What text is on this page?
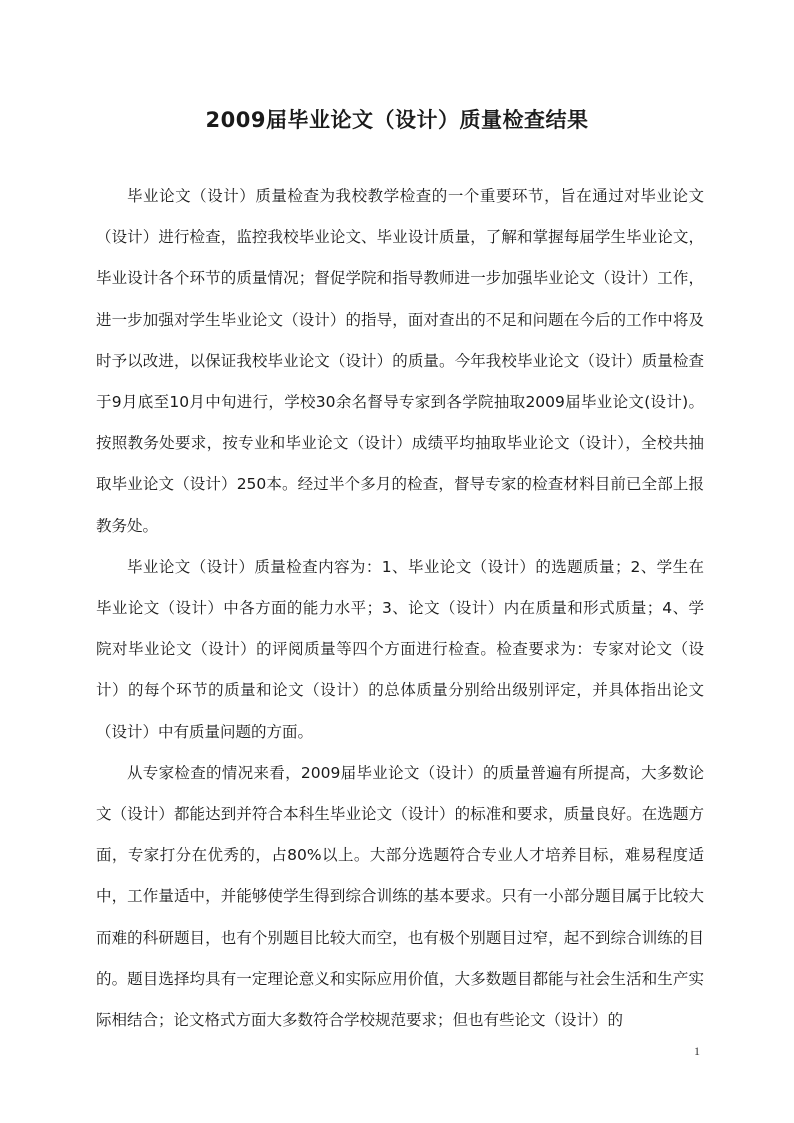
2009届毕业论文（设计）质量检查结果

毕业论文（设计）质量检查为我校教学检查的一个重要环节，旨在通过对毕业论文（设计）进行检查，监控我校毕业论文、毕业设计质量，了解和掌握每届学生毕业论文，毕业设计各个环节的质量情况；督促学院和指导教师进一步加强毕业论文（设计）工作，进一步加强对学生毕业论文（设计）的指导，面对查出的不足和问题在今后的工作中将及时予以改进，以保证我校毕业论文（设计）的质量。今年我校毕业论文（设计）质量检查于9月底至10月中旬进行，学校30余名督导专家到各学院抽取2009届毕业论文(设计)。按照教务处要求，按专业和毕业论文（设计）成绩平均抽取毕业论文（设计），全校共抽取毕业论文（设计）250本。经过半个多月的检查，督导专家的检查材料目前已全部上报教务处。

毕业论文（设计）质量检查内容为：1、毕业论文（设计）的选题质量；2、学生在毕业论文（设计）中各方面的能力水平；3、论文（设计）内在质量和形式质量；4、学院对毕业论文（设计）的评阅质量等四个方面进行检查。检查要求为：专家对论文（设计）的每个环节的质量和论文（设计）的总体质量分别给出级别评定，并具体指出论文（设计）中有质量问题的方面。

从专家检查的情况来看，2009届毕业论文（设计）的质量普遍有所提高，大多数论文（设计）都能达到并符合本科生毕业论文（设计）的标准和要求，质量良好。在选题方面，专家打分在优秀的，占80%以上。大部分选题符合专业人才培养目标，难易程度适中，工作量适中，并能够使学生得到综合训练的基本要求。只有一小部分题目属于比较大而难的科研题目，也有个别题目比较大而空，也有极个别题目过窄，起不到综合训练的目的。题目选择均具有一定理论意义和实际应用价值，大多数题目都能与社会生活和生产实际相结合；论文格式方面大多数符合学校规范要求；但也有些论文（设计）的

1
